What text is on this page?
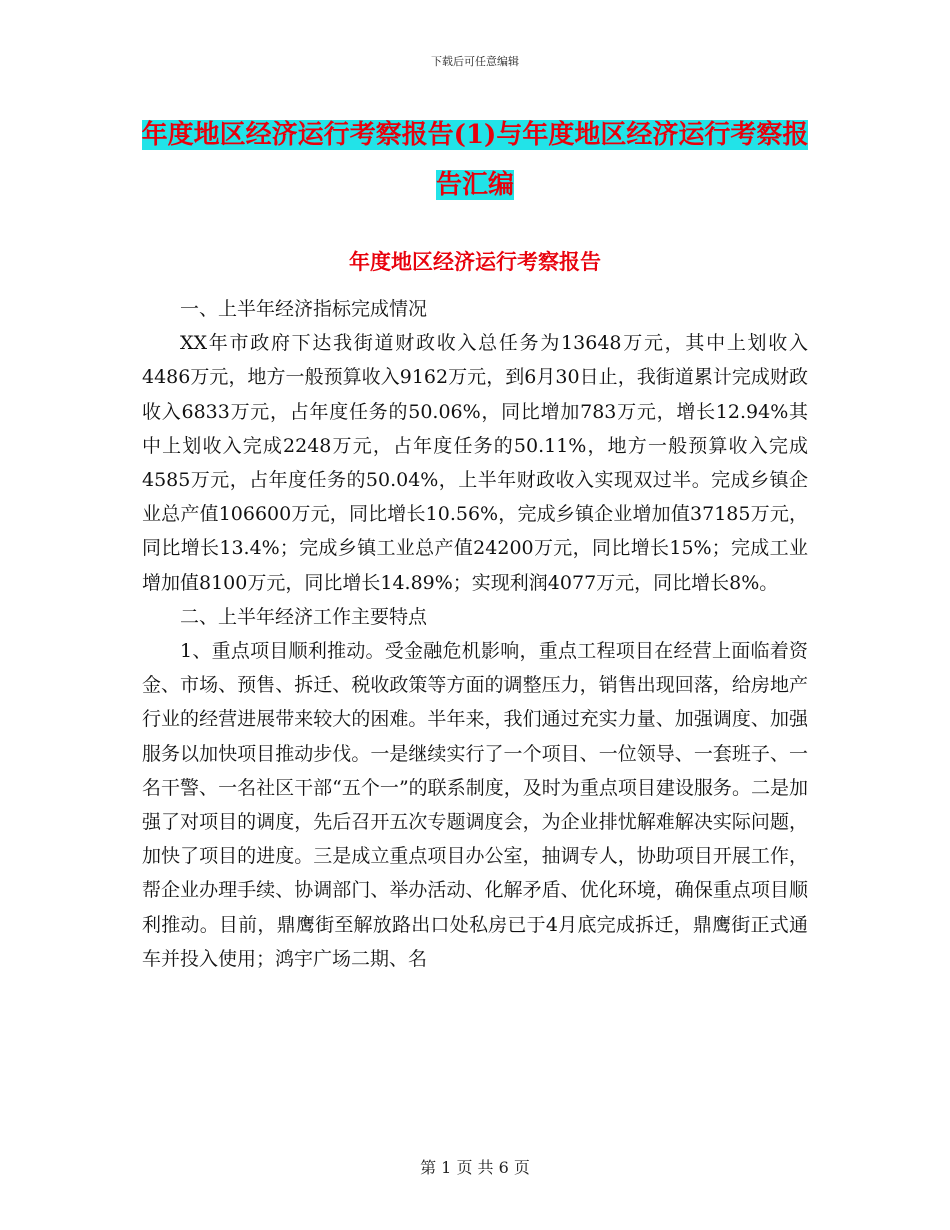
下载后可任意编辑
年度地区经济运行考察报告(1)与年度地区经济运行考察报告汇编
年度地区经济运行考察报告

一、上半年经济指标完成情况

XX年市政府下达我街道财政收入总任务为13648万元，其中上划收入4486万元，地方一般预算收入9162万元，到6月30日止，我街道累计完成财政收入6833万元，占年度任务的50.06%，同比增加783万元，增长12.94%其中上划收入完成2248万元，占年度任务的50.11%，地方一般预算收入完成4585万元，占年度任务的50.04%，上半年财政收入实现双过半。完成乡镇企业总产值106600万元，同比增长10.56%，完成乡镇企业增加值37185万元，同比增长13.4%；完成乡镇工业总产值24200万元，同比增长15%；完成工业增加值8100万元，同比增长14.89%；实现利润4077万元，同比增长8%。

二、上半年经济工作主要特点

1、重点项目顺利推动。受金融危机影响，重点工程项目在经营上面临着资金、市场、预售、拆迁、税收政策等方面的调整压力，销售出现回落，给房地产行业的经营进展带来较大的困难。半年来，我们通过充实力量、加强调度、加强服务以加快项目推动步伐。一是继续实行了一个项目、一位领导、一套班子、一名干警、一名社区干部“五个一”的联系制度，及时为重点项目建设服务。二是加强了对项目的调度，先后召开五次专题调度会，为企业排忧解难解决实际问题，加快了项目的进度。三是成立重点项目办公室，抽调专人，协助项目开展工作，帮企业办理手续、协调部门、举办活动、化解矛盾、优化环境，确保重点项目顺利推动。目前，鼎鹰街至解放路出口处私房已于4月底完成拆迁，鼎鹰街正式通车并投入使用；鸿宇广场二期、名

第 1 页 共 6 页
